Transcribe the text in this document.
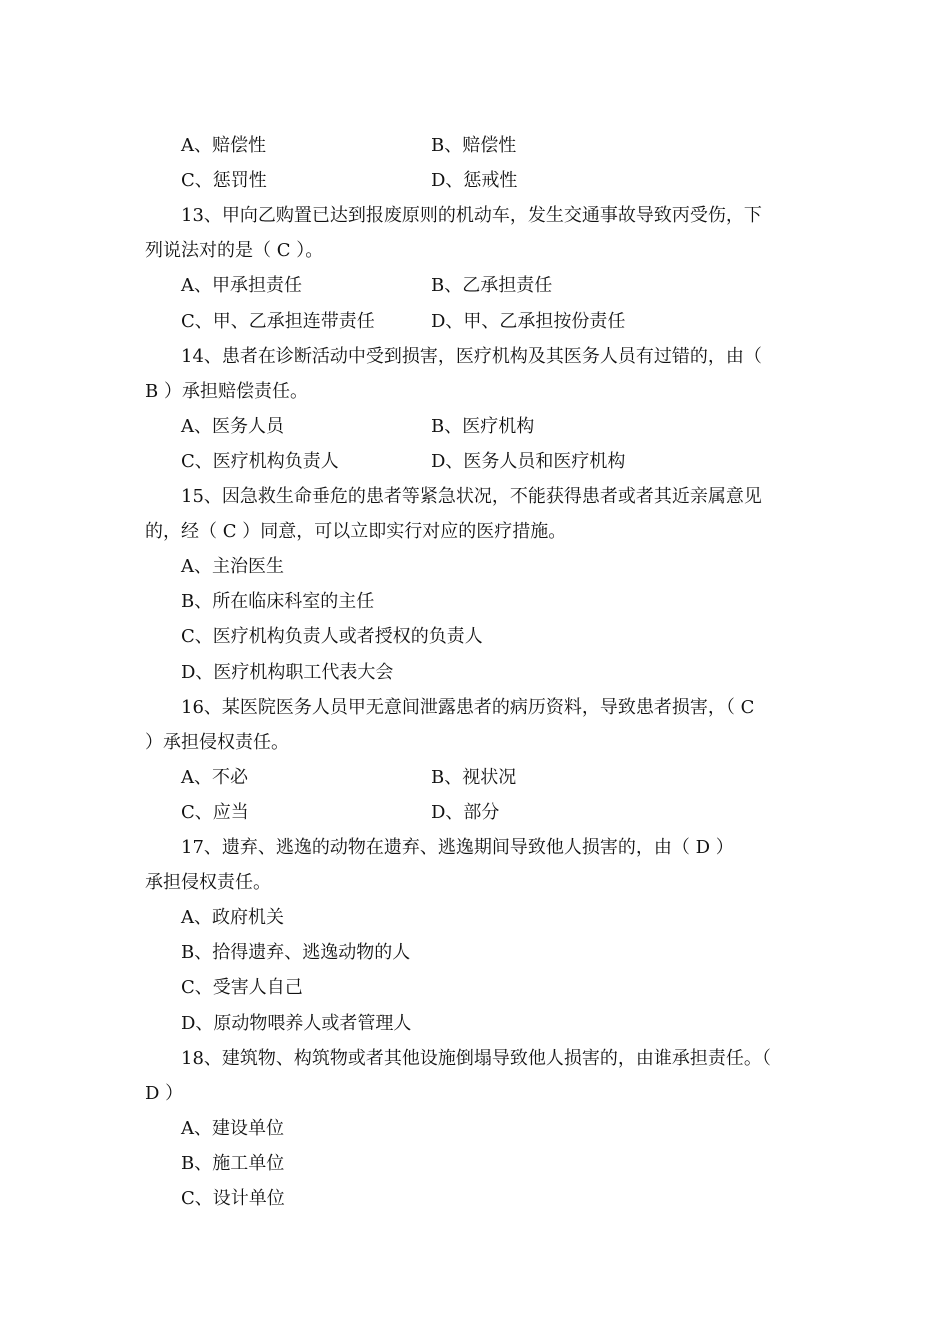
A、赔偿性	B、赔偿性
C、惩罚性	D、惩戒性
13、甲向乙购置已达到报废原则的机动车，发生交通事故导致丙受伤，下
列说法对的是（ C ）。
A、甲承担责任	B、乙承担责任
C、甲、乙承担连带责任	D、甲、乙承担按份责任
14、患者在诊断活动中受到损害，医疗机构及其医务人员有过错的，由（
B ）承担赔偿责任。
A、医务人员	B、医疗机构
C、医疗机构负责人	D、医务人员和医疗机构
15、因急救生命垂危的患者等紧急状况，不能获得患者或者其近亲属意见
的，经（ C ）同意，可以立即实行对应的医疗措施。
A、主治医生
B、所在临床科室的主任
C、医疗机构负责人或者授权的负责人
D、医疗机构职工代表大会
16、某医院医务人员甲无意间泄露患者的病历资料，导致患者损害，（ C
）承担侵权责任。
A、不必	B、视状况
C、应当	D、部分
17、遗弃、逃逸的动物在遗弃、逃逸期间导致他人损害的，由（ D ）
承担侵权责任。
A、政府机关
B、拾得遗弃、逃逸动物的人
C、受害人自己
D、原动物喂养人或者管理人
18、建筑物、构筑物或者其他设施倒塌导致他人损害的，由谁承担责任。（
D ）
A、建设单位
B、施工单位
C、设计单位
